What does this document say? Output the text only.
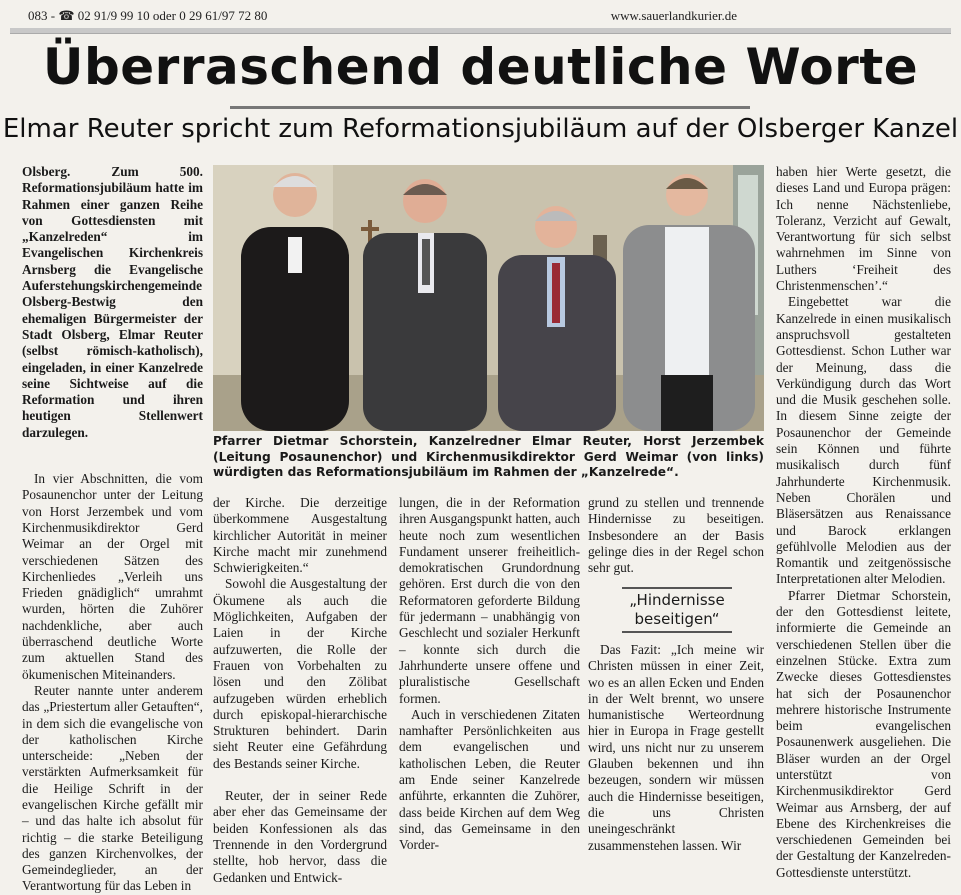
083 - ☎ 02 91/9 99 10 oder 0 29 61/97 72 80	www.sauerlandkurier.de
Überraschend deutliche Worte
Elmar Reuter spricht zum Reformationsjubiläum auf der Olsberger Kanzel

Olsberg. Zum 500. Reformationsjubiläum hatte im Rahmen einer ganzen Reihe von Gottesdiensten mit „Kanzelreden“ im Evangelischen Kirchenkreis Arnsberg die Evangelische Auferstehungskirchengemeinde Olsberg-Bestwig den ehemaligen Bürgermeister der Stadt Olsberg, Elmar Reuter (selbst römisch-katholisch), eingeladen, in einer Kanzelrede seine Sichtweise auf die Reformation und ihren heutigen Stellenwert darzulegen.

In vier Abschnitten, die vom Posaunenchor unter der Leitung von Horst Jerzembek und vom Kirchenmusikdirektor Gerd Weimar an der Orgel mit verschiedenen Sätzen des Kirchenliedes „Verleih uns Frieden gnädiglich“ umrahmt wurden, hörten die Zuhörer nachdenkliche, aber auch überraschend deutliche Worte zum aktuellen Stand des ökumenischen Miteinanders.

Reuter nannte unter anderem das „Priestertum aller Getauften“, in dem sich die evangelische von der katholischen Kirche unterscheide: „Neben der verstärkten Aufmerksamkeit für die Heilige Schrift in der evangelischen Kirche gefällt mir – und das halte ich absolut für richtig – die starke Beteiligung des ganzen Kirchenvolkes, der Gemeindeglieder, an der Verantwortung für das Leben in

Pfarrer Dietmar Schorstein, Kanzelredner Elmar Reuter, Horst Jerzembek (Leitung Posaunenchor) und Kirchenmusikdirektor Gerd Weimar (von links) würdigten das Reformationsjubiläum im Rahmen der „Kanzelrede“.

der Kirche. Die derzeitige überkommene Ausgestaltung kirchlicher Autorität in meiner Kirche macht mir zunehmend Schwierigkeiten.“

Sowohl die Ausgestaltung der Ökumene als auch die Möglichkeiten, Aufgaben der Laien in der Kirche aufzuwerten, die Rolle der Frauen von Vorbehalten zu lösen und den Zölibat aufzugeben würden erheblich durch episkopal-hierarchische Strukturen behindert. Darin sieht Reuter eine Gefährdung des Bestands seiner Kirche.

Reuter, der in seiner Rede aber eher das Gemeinsame der beiden Konfessionen als das Trennende in den Vordergrund stellte, hob hervor, dass die Gedanken und Entwick-

lungen, die in der Reformation ihren Ausgangspunkt hatten, auch heute noch zum wesentlichen Fundament unserer freiheitlich-demokratischen Grundordnung gehören. Erst durch die von den Reformatoren geforderte Bildung für jedermann – unabhängig von Geschlecht und sozialer Herkunft – konnte sich durch die Jahrhunderte unsere offene und pluralistische Gesellschaft formen.

Auch in verschiedenen Zitaten namhafter Persönlichkeiten aus dem evangelischen und katholischen Leben, die Reuter am Ende seiner Kanzelrede anführte, erkannten die Zuhörer, dass beide Kirchen auf dem Weg sind, das Gemeinsame in den Vorder-

grund zu stellen und trennende Hindernisse zu beseitigen. Insbesondere an der Basis gelinge dies in der Regel schon sehr gut.

„Hindernisse beseitigen“

Das Fazit: „Ich meine wir Christen müssen in einer Zeit, wo es an allen Ecken und Enden in der Welt brennt, wo unsere humanistische Werteordnung hier in Europa in Frage gestellt wird, uns nicht nur zu unserem Glauben bekennen und ihn bezeugen, sondern wir müssen auch die Hindernisse beseitigen, die uns Christen uneingeschränkt zusammenstehen lassen. Wir

haben hier Werte gesetzt, die dieses Land und Europa prägen: Ich nenne Nächstenliebe, Toleranz, Verzicht auf Gewalt, Verantwortung für sich selbst wahrnehmen im Sinne von Luthers ‘Freiheit des Christenmenschen’.“

Eingebettet war die Kanzelrede in einen musikalisch anspruchsvoll gestalteten Gottesdienst. Schon Luther war der Meinung, dass die Verkündigung durch das Wort und die Musik geschehen solle. In diesem Sinne zeigte der Posaunenchor der Gemeinde sein Können und führte musikalisch durch fünf Jahrhunderte Kirchenmusik. Neben Chorälen und Bläsersätzen aus Renaissance und Barock erklangen gefühlvolle Melodien aus der Romantik und zeitgenössische Interpretationen alter Melodien.

Pfarrer Dietmar Schorstein, der den Gottesdienst leitete, informierte die Gemeinde an verschiedenen Stellen über die einzelnen Stücke. Extra zum Zwecke dieses Gottesdienstes hat sich der Posaunenchor mehrere historische Instrumente beim evangelischen Posaunenwerk ausgeliehen. Die Bläser wurden an der Orgel unterstützt von Kirchenmusikdirektor Gerd Weimar aus Arnsberg, der auf Ebene des Kirchenkreises die verschiedenen Gemeinden bei der Gestaltung der Kanzelreden-Gottesdienste unterstützt.
